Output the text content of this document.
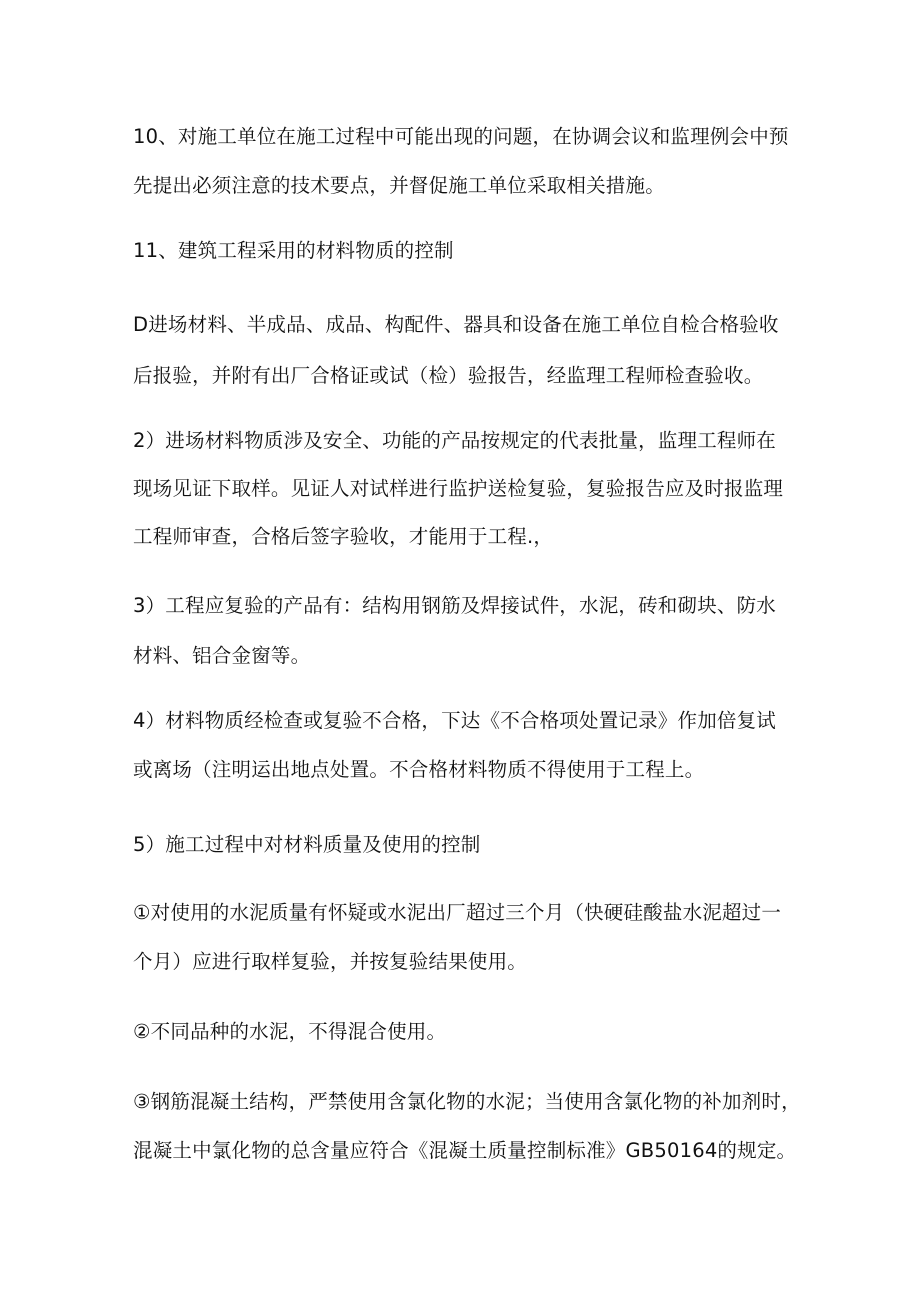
10、对施工单位在施工过程中可能出现的问题，在协调会议和监理例会中预
先提出必须注意的技术要点，并督促施工单位采取相关措施。
11、建筑工程采用的材料物质的控制
D进场材料、半成品、成品、构配件、器具和设备在施工单位自检合格验收
后报验，并附有出厂合格证或试（检）验报告，经监理工程师检查验收。
2）进场材料物质涉及安全、功能的产品按规定的代表批量，监理工程师在
现场见证下取样。见证人对试样进行监护送检复验，复验报告应及时报监理
工程师审查，合格后签字验收，才能用于工程.，
3）工程应复验的产品有：结构用钢筋及焊接试件，水泥，砖和砌块、防水
材料、铝合金窗等。
4）材料物质经检查或复验不合格，下达《不合格项处置记录》作加倍复试
或离场（注明运出地点处置。不合格材料物质不得使用于工程上。
5）施工过程中对材料质量及使用的控制
①对使用的水泥质量有怀疑或水泥出厂超过三个月（快硬硅酸盐水泥超过一
个月）应进行取样复验，并按复验结果使用。
②不同品种的水泥，不得混合使用。
③钢筋混凝土结构，严禁使用含氯化物的水泥；当使用含氯化物的补加剂时，
混凝土中氯化物的总含量应符合《混凝土质量控制标准》GB50164的规定。
